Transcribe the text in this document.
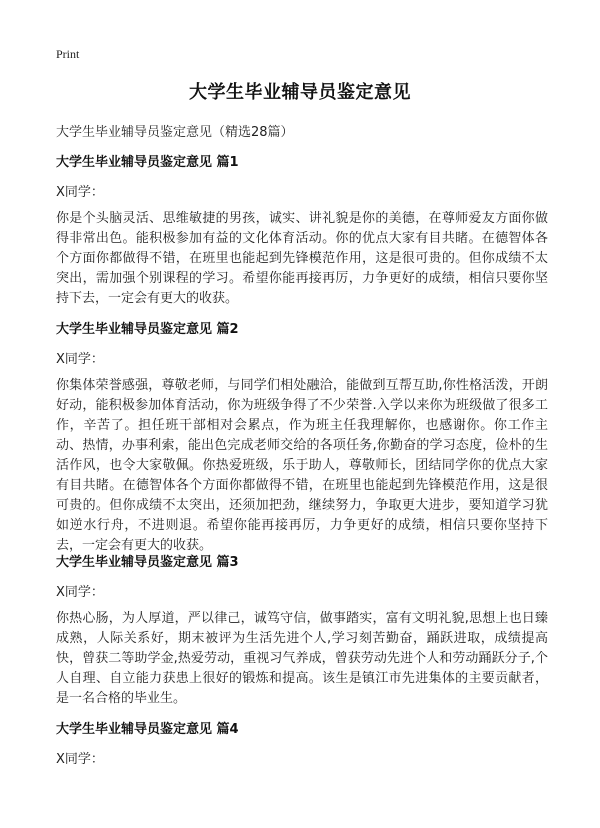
Print
大学生毕业辅导员鉴定意见
大学生毕业辅导员鉴定意见（精选28篇）
大学生毕业辅导员鉴定意见 篇1
X同学：

你是个头脑灵活、思维敏捷的男孩，诚实、讲礼貌是你的美德，在尊师爱友方面你做得非常出色。能积极参加有益的文化体育活动。你的优点大家有目共睹。在德智体各个方面你都做得不错，在班里也能起到先锋模范作用，这是很可贵的。但你成绩不太突出，需加强个别课程的学习。希望你能再接再厉，力争更好的成绩，相信只要你坚持下去，一定会有更大的收获。

大学生毕业辅导员鉴定意见 篇2
X同学：

你集体荣誉感强，尊敬老师，与同学们相处融洽，能做到互帮互助,你性格活泼，开朗好动，能积极参加体育活动，你为班级争得了不少荣誉.入学以来你为班级做了很多工作，辛苦了。担任班干部相对会累点，作为班主任我理解你，也感谢你。你工作主动、热情，办事利索，能出色完成老师交给的各项任务,你勤奋的学习态度，俭朴的生活作风，也令大家敬佩。你热爱班级，乐于助人，尊敬师长，团结同学你的优点大家有目共睹。在德智体各个方面你都做得不错，在班里也能起到先锋模范作用，这是很可贵的。但你成绩不太突出，还须加把劲，继续努力，争取更大进步，要知道学习犹如逆水行舟，不进则退。希望你能再接再厉，力争更好的成绩，相信只要你坚持下去，一定会有更大的收获。

大学生毕业辅导员鉴定意见 篇3
X同学：

你热心肠，为人厚道，严以律己，诚笃守信，做事踏实，富有文明礼貌,思想上也日臻成熟，人际关系好，期末被评为生活先进个人,学习刻苦勤奋，踊跃进取，成绩提高快，曾获二等助学金,热爱劳动，重视习气养成，曾获劳动先进个人和劳动踊跃分子,个人自理、自立能力获患上很好的锻炼和提高。该生是镇江市先进集体的主要贡献者，是一名合格的毕业生。

大学生毕业辅导员鉴定意见 篇4
X同学：
